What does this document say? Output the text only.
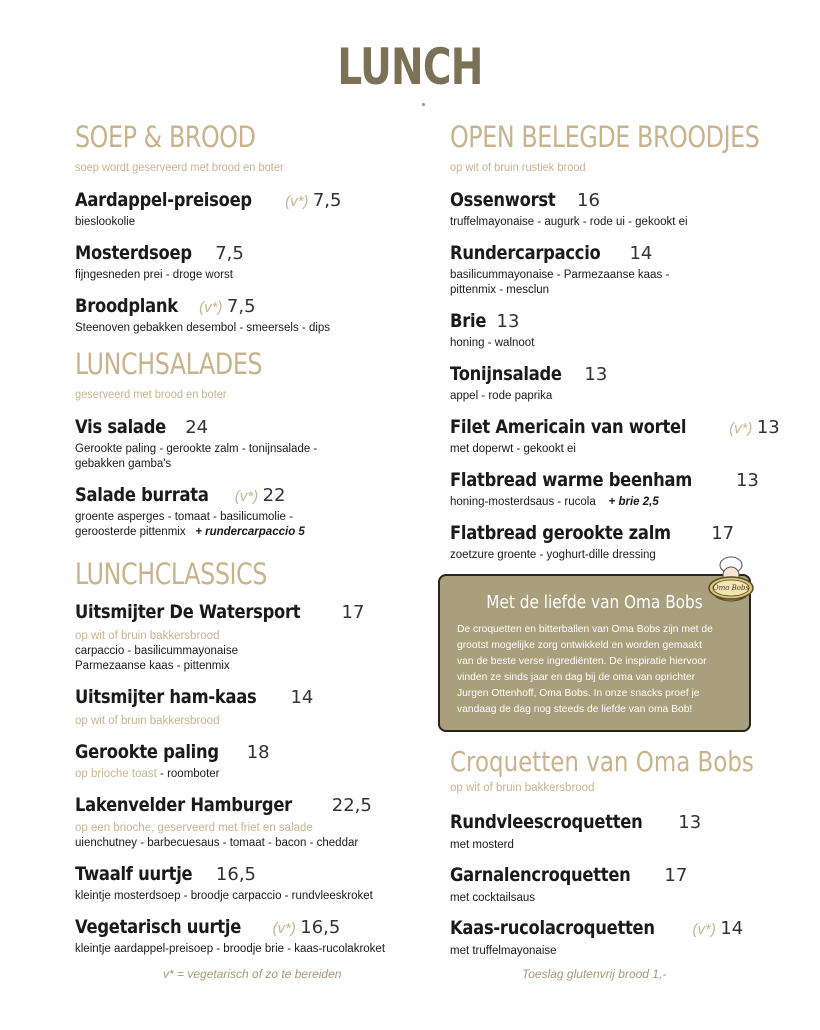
LUNCH
SOEP & BROOD
soep wordt geserveerd met brood en boter
Aardappel-preisoep (v*) 7,5
bieslookolie
Mosterdsoep 7,5
fijngesneden prei - droge worst
Broodplank (v*) 7,5
Steenoven gebakken desembol - smeersels - dips
LUNCHSALADES
geserveerd met brood en boter
Vis salade 24
Gerookte paling - gerookte zalm - tonijnsalade -
gebakken gamba's
Salade burrata (v*) 22
groente asperges - tomaat - basilicumolie -
geroosterde pittenmix + rundercarpaccio 5
LUNCHCLASSICS
Uitsmijter De Watersport 17
op wit of bruin bakkersbrood
carpaccio - basilicummayonaise
Parmezaanse kaas - pittenmix
Uitsmijter ham-kaas 14
op wit of bruin bakkersbrood
Gerookte paling 18
op brioche toast - roomboter
Lakenvelder Hamburger 22,5
op een brioche, geserveerd met friet en salade
uienchutney - barbecuesaus - tomaat - bacon - cheddar
Twaalf uurtje 16,5
kleintje mosterdsoep - broodje carpaccio - rundvleeskroket
Vegetarisch uurtje (v*) 16,5
kleintje aardappel-preisoep - broodje brie - kaas-rucolakroket
v* = vegetarisch of zo te bereiden
OPEN BELEGDE BROODJES
op wit of bruin rustiek brood
Ossenworst 16
truffelmayonaise - augurk - rode ui - gekookt ei
Rundercarpaccio 14
basilicummayonaise - Parmezaanse kaas -
pittenmix - mesclun
Brie 13
honing - walnoot
Tonijnsalade 13
appel - rode paprika
Filet Americain van wortel	(v*) 13
met doperwt - gekookt ei
Flatbread warme beenham 13
honing-mosterdsaus - rucola + brie 2,5
Flatbread gerookte zalm 17
zoetzure groente - yoghurt-dille dressing
Met de liefde van Oma Bobs
De croquetten en bitterballen van Oma Bobs zijn met de
grootst mogelijke zorg ontwikkeld en worden gemaakt
van de beste verse ingrediënten. De inspiratie hiervoor
vinden ze sinds jaar en dag bij de oma van oprichter
Jurgen Ottenhoff, Oma Bobs. In onze snacks proef je
vandaag de dag nog steeds de liefde van oma Bob!
Oma Bobs
Croquetten van Oma Bobs
op wit of bruin bakkersbrood
Rundvleescroquetten 13
met mosterd
Garnalencroquetten 17
met cocktailsaus
Kaas-rucolacroquetten	(v*) 14
met truffelmayonaise
Toeslag glutenvrij brood 1,-
